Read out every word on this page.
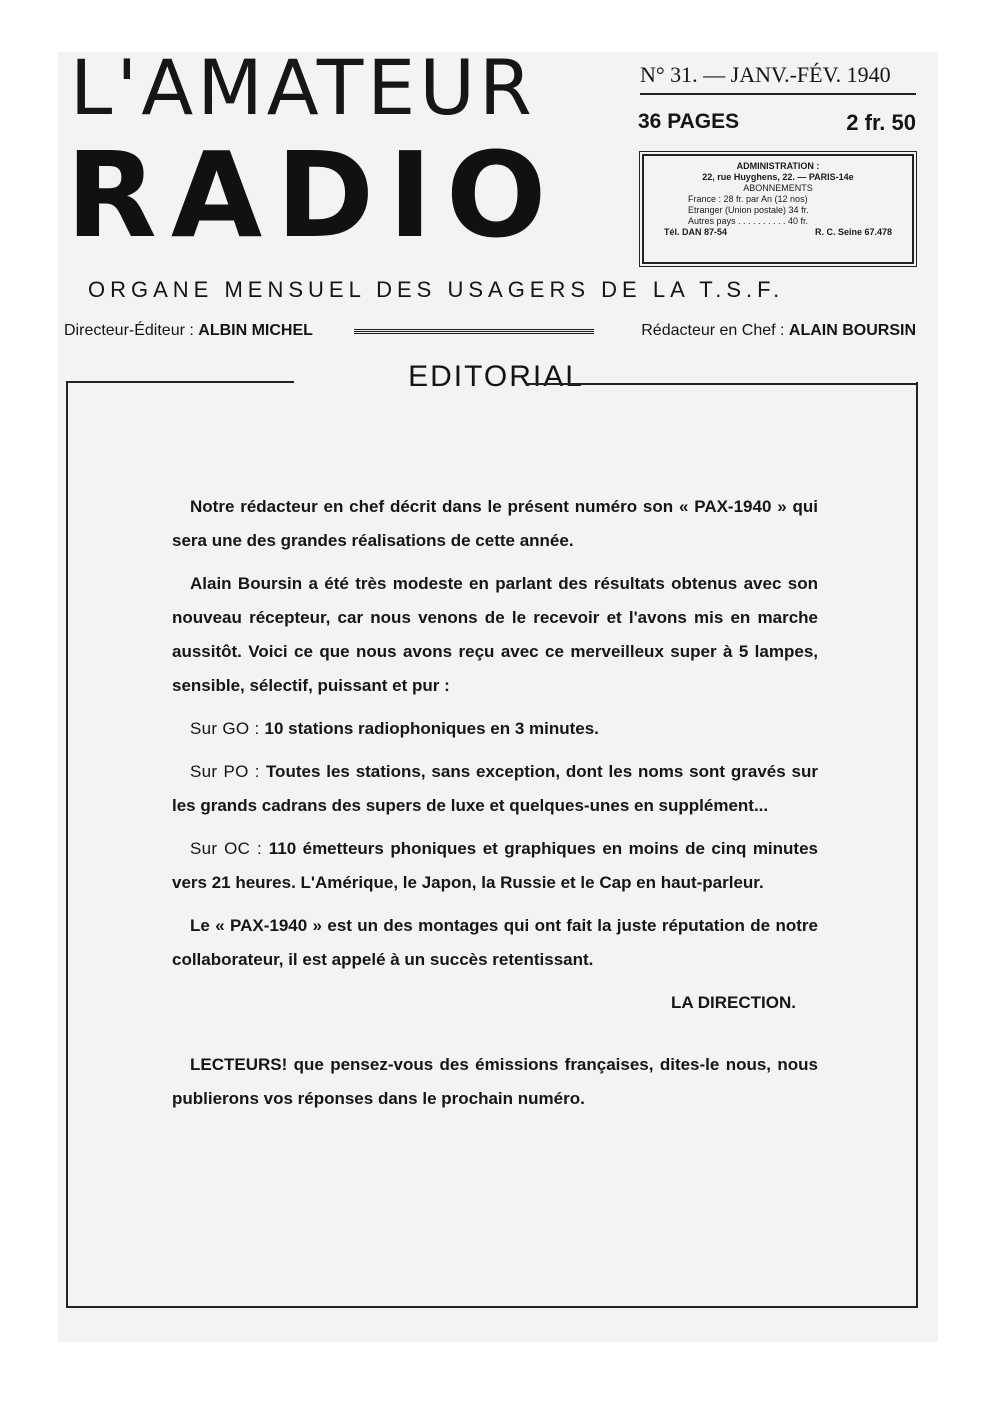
L'AMATEUR
RADIO
N° 31. — JANV.-FÉV. 1940
36 PAGES	2 fr. 50
ADMINISTRATION :
22, rue Huyghens, 22. — PARIS-14e
ABONNEMENTS
France : 28 fr. par An (12 nos)
Etranger (Union postale) 34 fr.
Autres pays . . . . . . . . . . 40 fr.
Tél. DAN 87-54	R. C. Seine 67.478
ORGANE MENSUEL DES USAGERS DE LA T.S.F.
Directeur-Éditeur : ALBIN MICHEL	Rédacteur en Chef : ALAIN BOURSIN
EDITORIAL

Notre rédacteur en chef décrit dans le présent numéro son « PAX-1940 » qui sera une des grandes réalisations de cette année.

Alain Boursin a été très modeste en parlant des résultats obtenus avec son nouveau récepteur, car nous venons de le recevoir et l'avons mis en marche aussitôt. Voici ce que nous avons reçu avec ce merveilleux super à 5 lampes, sensible, sélectif, puissant et pur :

Sur GO : 10 stations radiophoniques en 3 minutes.

Sur PO : Toutes les stations, sans exception, dont les noms sont gravés sur les grands cadrans des supers de luxe et quelques-unes en supplément...

Sur OC : 110 émetteurs phoniques et graphiques en moins de cinq minutes vers 21 heures. L'Amérique, le Japon, la Russie et le Cap en haut-parleur.

Le « PAX-1940 » est un des montages qui ont fait la juste réputation de notre collaborateur, il est appelé à un succès retentissant.

LA DIRECTION.

LECTEURS! que pensez-vous des émissions françaises, dites-le nous, nous publierons vos réponses dans le prochain numéro.
